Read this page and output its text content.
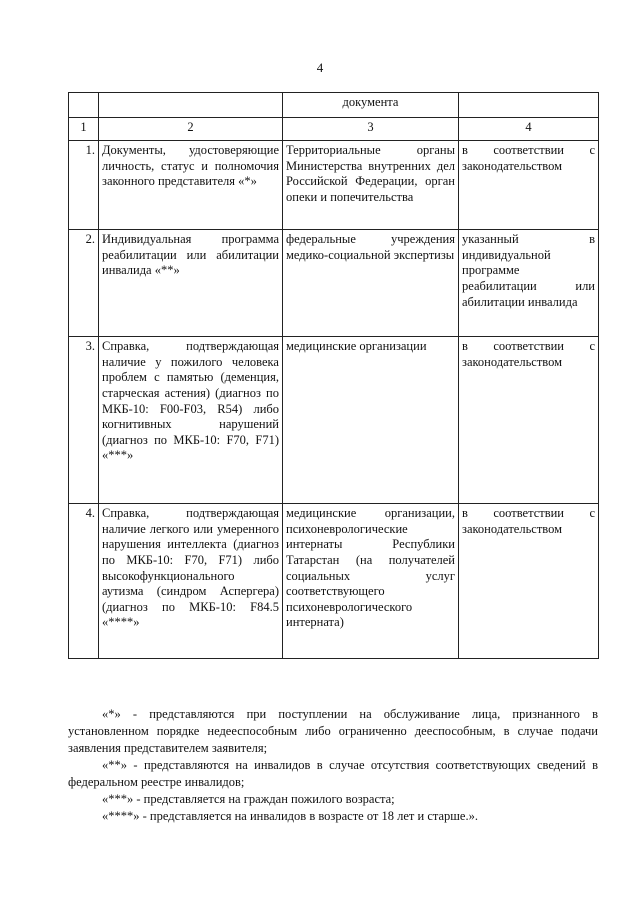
4
		документа	
1	2	3	4
1.	Документы, удостоверяющие личность, статус и полномочия законного представителя «*»	Территориальные органы Министерства внутренних дел Российской Федерации, орган опеки и попечительства	в соответствии с законодательством
2.	Индивидуальная программа реабилитации или абилитации инвалида «**»	федеральные учреждения медико-социальной экспертизы	указанный в индивидуальной программе реабилитации или абилитации инвалида
3.	Справка, подтверждающая наличие у пожилого человека проблем с памятью (деменция, старческая астения) (диагноз по МКБ-10: F00-F03, R54) либо когнитивных нарушений (диагноз по МКБ-10: F70, F71) «***»	медицинские организации	в соответствии с законодательством
4.	Справка, подтверждающая наличие легкого или умеренного нарушения интеллекта (диагноз по МКБ-10: F70, F71) либо высокофункционального аутизма (синдром Аспергера) (диагноз по МКБ-10: F84.5 «****»	медицинские организации, психоневрологические интернаты Республики Татарстан (на получателей социальных услуг соответствующего психоневрологического интерната)	в соответствии с законодательством

«*» - представляются при поступлении на обслуживание лица, признанного в установленном порядке недееспособным либо ограниченно дееспособным, в случае подачи заявления представителем заявителя;

«**» - представляются на инвалидов в случае отсутствия соответствующих сведений в федеральном реестре инвалидов;

«***» - представляется на граждан пожилого возраста;

«****» - представляется на инвалидов в возрасте от 18 лет и старше.».
